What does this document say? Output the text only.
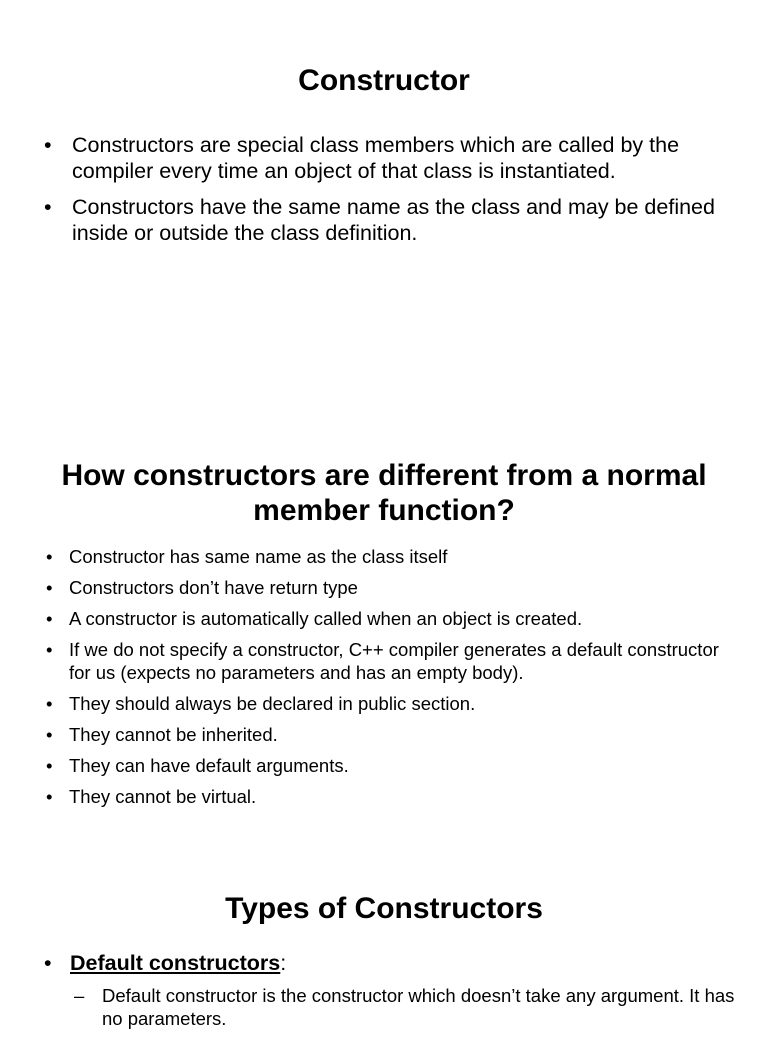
Constructor
• Constructors are special class members which are called by the compiler every time an object of that class is instantiated.
• Constructors have the same name as the class and may be defined inside or outside the class definition.
How constructors are different from a normal member function?
• Constructor has same name as the class itself
• Constructors don’t have return type
• A constructor is automatically called when an object is created.
• If we do not specify a constructor, C++ compiler generates a default constructor for us (expects no parameters and has an empty body).
• They should always be declared in public section.
• They cannot be inherited.
• They can have default arguments.
• They cannot be virtual.
Types of Constructors
• Default constructors:
– Default constructor is the constructor which doesn’t take any argument. It has no parameters.
